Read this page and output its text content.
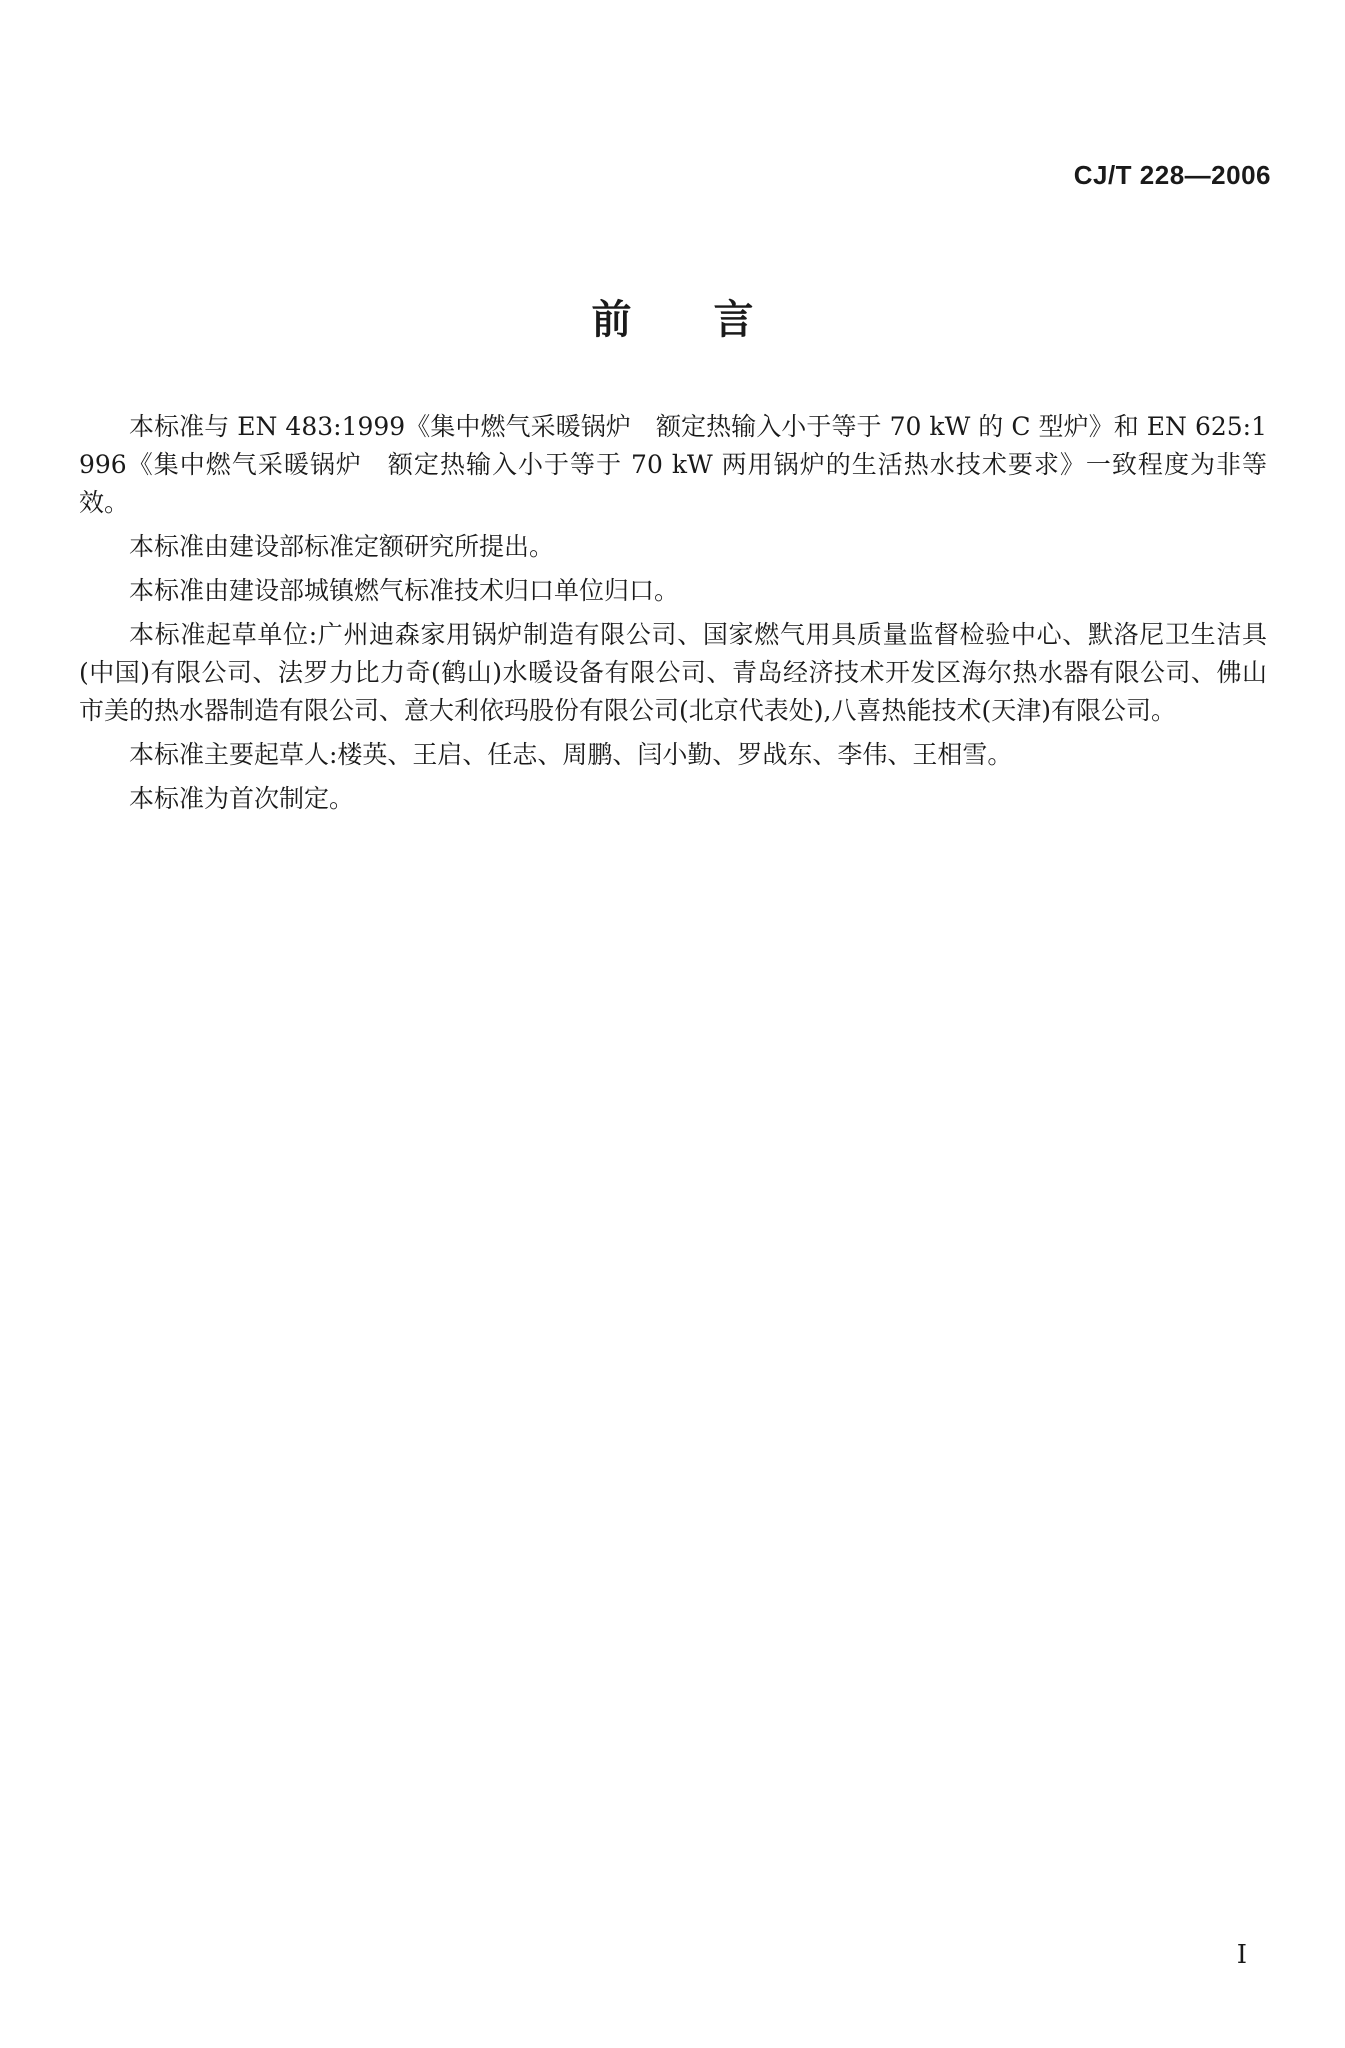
CJ/T 228—2006
前言

本标准与 EN 483:1999《集中燃气采暖锅炉　额定热输入小于等于 70 kW 的 C 型炉》和 EN 625:1996《集中燃气采暖锅炉　额定热输入小于等于 70 kW 两用锅炉的生活热水技术要求》一致程度为非等效。

本标准由建设部标准定额研究所提出。

本标准由建设部城镇燃气标准技术归口单位归口。

本标准起草单位:广州迪森家用锅炉制造有限公司、国家燃气用具质量监督检验中心、默洛尼卫生洁具(中国)有限公司、法罗力比力奇(鹤山)水暖设备有限公司、青岛经济技术开发区海尔热水器有限公司、佛山市美的热水器制造有限公司、意大利依玛股份有限公司(北京代表处),八喜热能技术(天津)有限公司。

本标准主要起草人:楼英、王启、任志、周鹏、闫小勤、罗战东、李伟、王相雪。

本标准为首次制定。

I
